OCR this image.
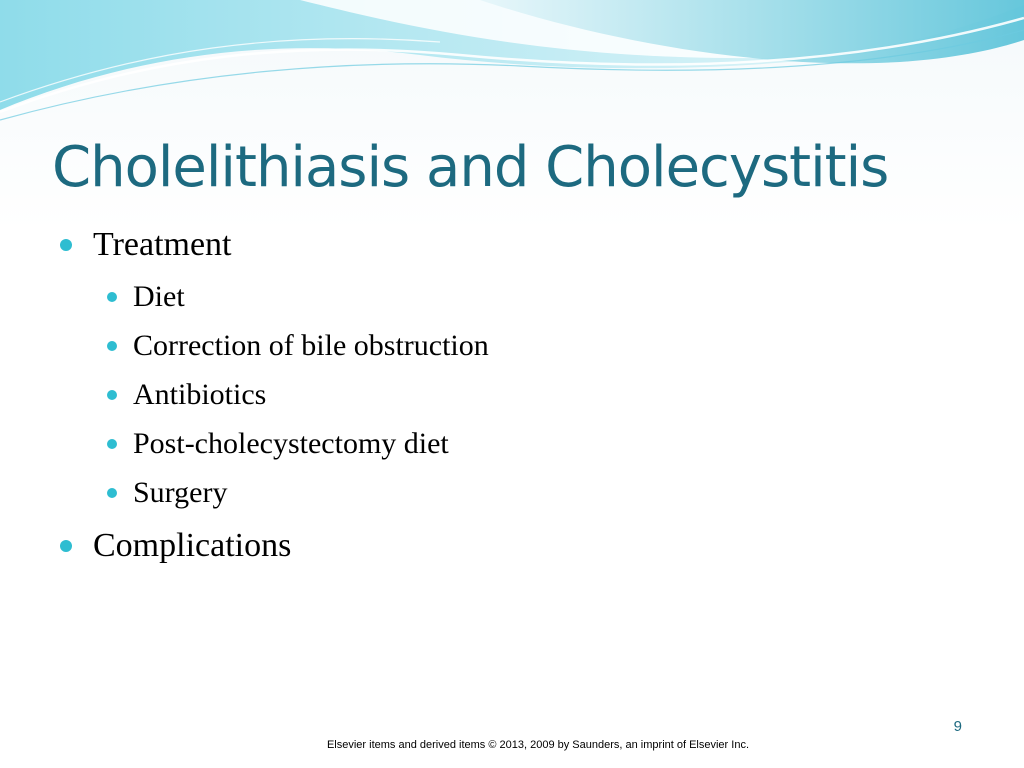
Cholelithiasis and Cholecystitis
Treatment
Diet
Correction of bile obstruction
Antibiotics
Post-cholecystectomy diet
Surgery
Complications
9
Elsevier items and derived items © 2013, 2009 by Saunders, an imprint of Elsevier Inc.
